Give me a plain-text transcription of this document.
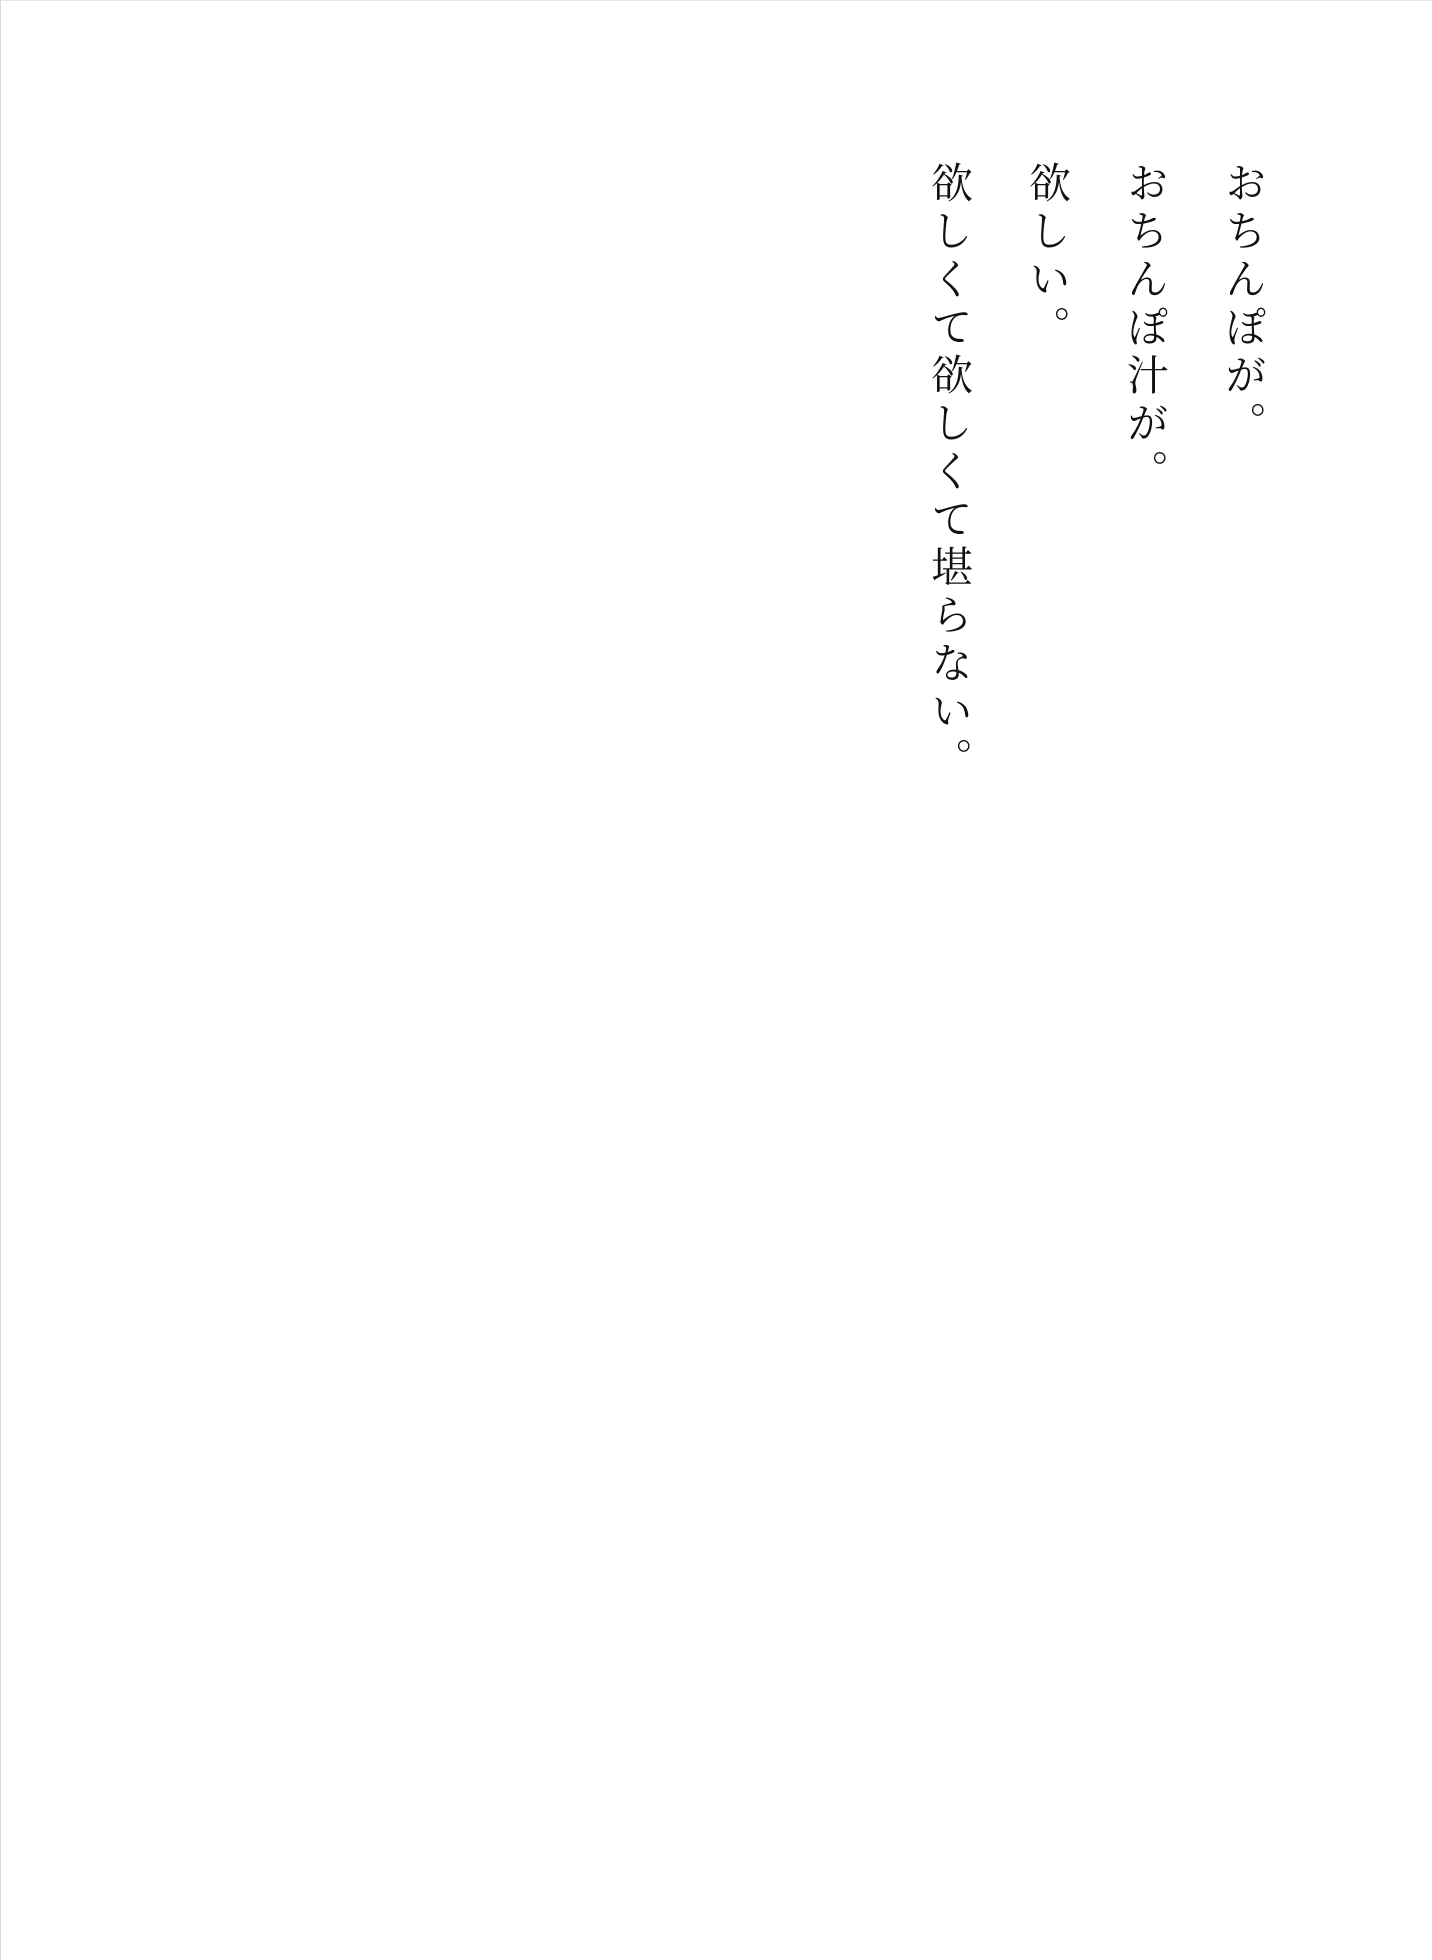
おちんぽが。

おちんぽ汁が。

欲しい。

欲しくて欲しくて堪らない。
